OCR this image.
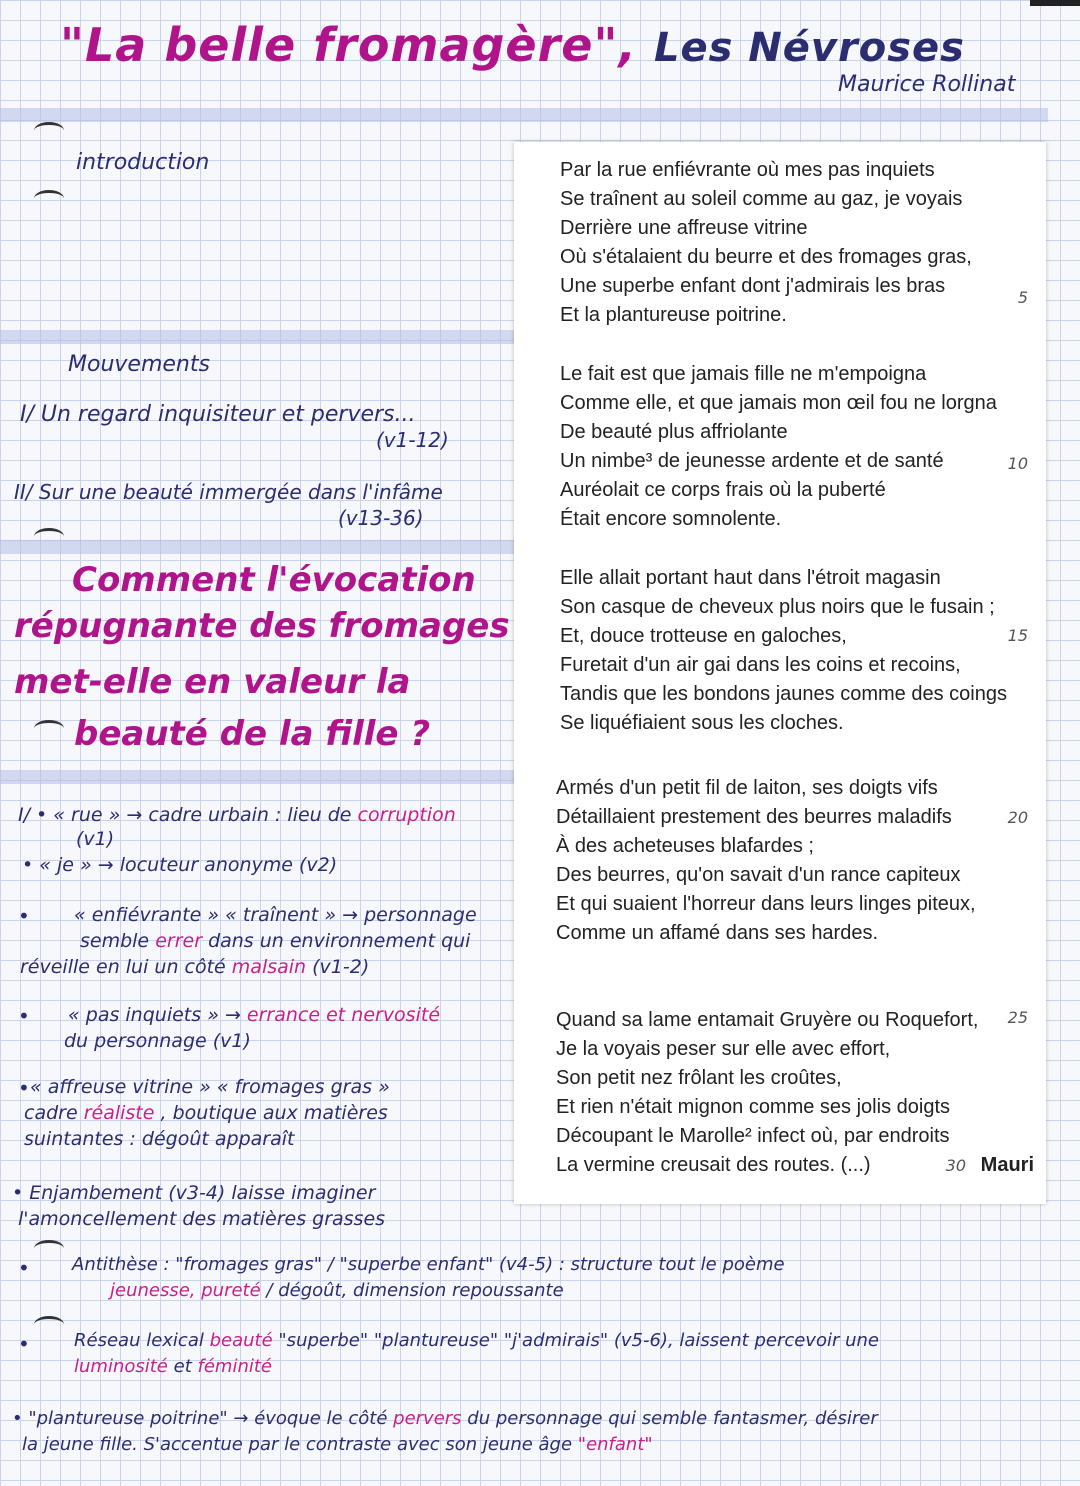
"La belle fromagère", Les Névroses
Maurice Rollinat
introduction
Mouvements
I/ Un regard inquisiteur et pervers...
(v1-12)
II/ Sur une beauté immergée dans l'infâme
(v13-36)
Comment l'évocation
répugnante des fromages
met-elle en valeur la
beauté de la fille ?
Par la rue enfiévrante où mes pas inquiets
Se traînent au soleil comme au gaz, je voyais
Derrière une affreuse vitrine
Où s'étalaient du beurre et des fromages gras,
Une superbe enfant dont j'admirais les bras
Et la plantureuse poitrine.
Le fait est que jamais fille ne m'empoigna
Comme elle, et que jamais mon œil fou ne lorgna
De beauté plus affriolante
Un nimbe³ de jeunesse ardente et de santé
Auréolait ce corps frais où la puberté
Était encore somnolente.
Elle allait portant haut dans l'étroit magasin
Son casque de cheveux plus noirs que le fusain ;
Et, douce trotteuse en galoches,
Furetait d'un air gai dans les coins et recoins,
Tandis que les bondons jaunes comme des coings
Se liquéfiaient sous les cloches.
Armés d'un petit fil de laiton, ses doigts vifs
Détaillaient prestement des beurres maladifs
À des acheteuses blafardes ;
Des beurres, qu'on savait d'un rance capiteux
Et qui suaient l'horreur dans leurs linges piteux,
Comme un affamé dans ses hardes.
Quand sa lame entamait Gruyère ou Roquefort,
Je la voyais peser sur elle avec effort,
Son petit nez frôlant les croûtes,
Et rien n'était mignon comme ses jolis doigts
Découpant le Marolle² infect où, par endroits
La vermine creusait des routes. (...)
5
10
15
20
25
30 Mauri
I/ • « rue » → cadre urbain : lieu de corruption
(v1)
• « je » → locuteur anonyme (v2)
• « enfiévrante » « traînent » → personnage
semble errer dans un environnement qui
réveille en lui un côté malsain (v1-2)
• « pas inquiets » → errance et nervosité
du personnage (v1)
• « affreuse vitrine » « fromages gras »
cadre réaliste , boutique aux matières
suintantes : dégoût apparaît
• Enjambement (v3-4) laisse imaginer
l'amoncellement des matières grasses
• Antithèse : "fromages gras" / "superbe enfant" (v4-5) : structure tout le poème
jeunesse, pureté / dégoût, dimension repoussante
• Réseau lexical beauté "superbe" "plantureuse" "j'admirais" (v5-6), laissent percevoir une
luminosité et féminité
• "plantureuse poitrine" → évoque le côté pervers du personnage qui semble fantasmer, désirer
la jeune fille. S'accentue par le contraste avec son jeune âge "enfant"
